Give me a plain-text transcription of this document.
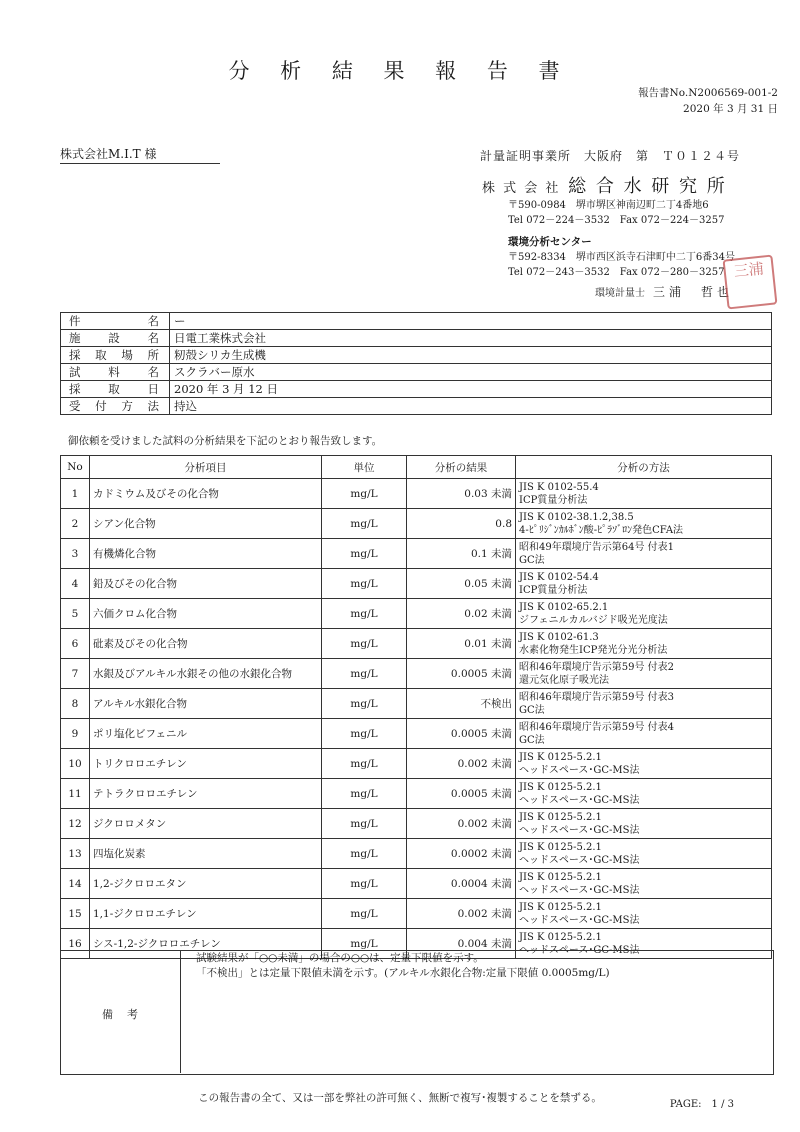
分 析 結 果 報 告 書
報告書No.N2006569-001-2
2020 年 3 月 31 日
株式会社M.I.T 様	計量証明事業所　大阪府　第　Ｔ０１２４号
株 式 会 社 総 合 水 研 究 所
〒590-0984　堺市堺区神南辺町二丁4番地6
Tel 072－224－3532　Fax 072－224－3257
環境分析センター
〒592-8334　堺市西区浜寺石津町中二丁6番34号
Tel 072－243－3532　Fax 072－280－3257
環境計量士 三浦　哲也
三浦
件名	ー
施設名	日電工業株式会社
採取場所	籾殻シリカ生成機
試料名	スクラバー原水
採取日	2020 年 3 月 12 日
受付方法	持込
御依頼を受けました試料の分析結果を下記のとおり報告致します。
No	分析項目	単位	分析の結果	分析の方法
1	カドミウム及びその化合物	mg/L	0.03 未満	JIS K 0102-55.4
ICP質量分析法

2	シアン化合物	mg/L	0.8	JIS K 0102-38.1.2,38.5
4-ﾋﾟﾘｼﾞﾝｶﾙﾎﾞﾝ酸-ﾋﾟﾗｿﾞﾛﾝ発色CFA法

3	有機燐化合物	mg/L	0.1 未満	昭和49年環境庁告示第64号 付表1
GC法

4	鉛及びその化合物	mg/L	0.05 未満	JIS K 0102-54.4
ICP質量分析法

5	六価クロム化合物	mg/L	0.02 未満	JIS K 0102-65.2.1
ジフェニルカルバジド吸光光度法

6	砒素及びその化合物	mg/L	0.01 未満	JIS K 0102-61.3
水素化物発生ICP発光分光分析法

7	水銀及びアルキル水銀その他の水銀化合物	mg/L	0.0005 未満	昭和46年環境庁告示第59号 付表2
還元気化原子吸光法

8	アルキル水銀化合物	mg/L	不検出	昭和46年環境庁告示第59号 付表3
GC法

9	ポリ塩化ビフェニル	mg/L	0.0005 未満	昭和46年環境庁告示第59号 付表4
GC法

10	トリクロロエチレン	mg/L	0.002 未満	JIS K 0125-5.2.1
ヘッドスペース･GC-MS法

11	テトラクロロエチレン	mg/L	0.0005 未満	JIS K 0125-5.2.1
ヘッドスペース･GC-MS法

12	ジクロロメタン	mg/L	0.002 未満	JIS K 0125-5.2.1
ヘッドスペース･GC-MS法

13	四塩化炭素	mg/L	0.0002 未満	JIS K 0125-5.2.1
ヘッドスペース･GC-MS法

14	1,2-ジクロロエタン	mg/L	0.0004 未満	JIS K 0125-5.2.1
ヘッドスペース･GC-MS法

15	1,1-ジクロロエチレン	mg/L	0.002 未満	JIS K 0125-5.2.1
ヘッドスペース･GC-MS法

16	シス-1,2-ジクロロエチレン	mg/L	0.004 未満	JIS K 0125-5.2.1
ヘッドスペース･GC-MS法
備考
試験結果が「○○未満」の場合の○○は、定量下限値を示す。
「不検出」とは定量下限値未満を示す。(アルキル水銀化合物:定量下限値 0.0005mg/L)
この報告書の全て、又は一部を弊社の許可無く、無断で複写･複製することを禁ずる。
PAGE:　1 / 3
